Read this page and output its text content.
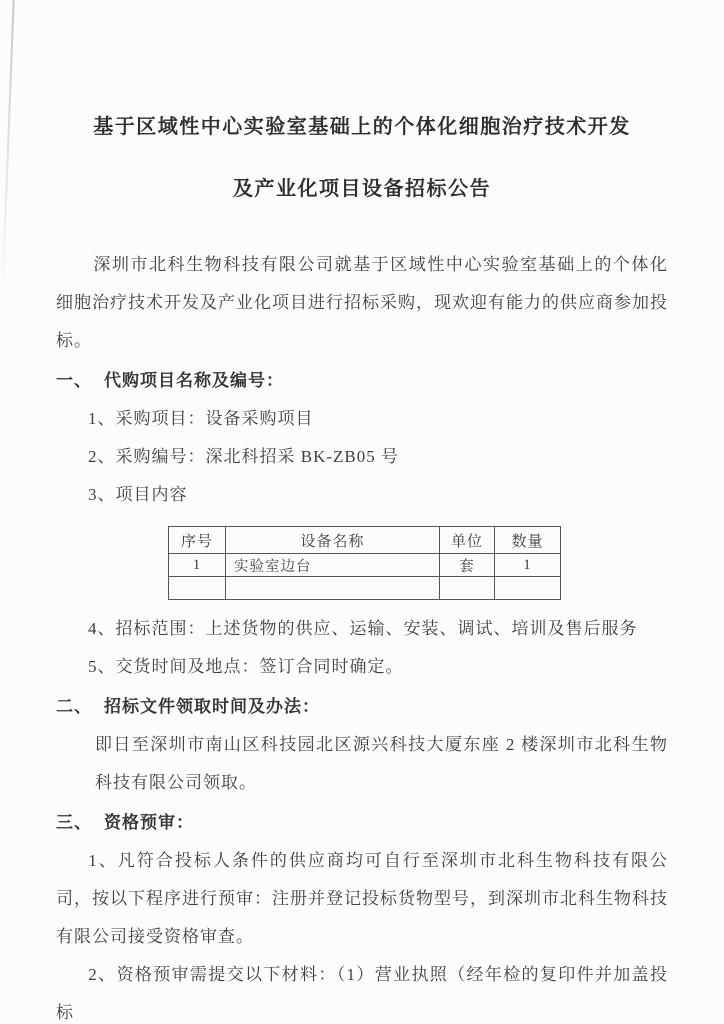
基于区域性中心实验室基础上的个体化细胞治疗技术开发
及产业化项目设备招标公告

深圳市北科生物科技有限公司就基于区域性中心实验室基础上的个体化细胞治疗技术开发及产业化项目进行招标采购，现欢迎有能力的供应商参加投标。

一、 代购项目名称及编号：

1、采购项目：设备采购项目

2、采购编号：深北科招采 BK-ZB05 号

3、项目内容

序号	设备名称	单位	数量
1	实验室边台	套	1

4、招标范围：上述货物的供应、运输、安装、调试、培训及售后服务

5、交货时间及地点：签订合同时确定。

二、 招标文件领取时间及办法：

即日至深圳市南山区科技园北区源兴科技大厦东座 2 楼深圳市北科生物科技有限公司领取。

三、 资格预审：

1、凡符合投标人条件的供应商均可自行至深圳市北科生物科技有限公司，按以下程序进行预审：注册并登记投标货物型号，到深圳市北科生物科技有限公司接受资格审查。

2、资格预审需提交以下材料：（1）营业执照（经年检的复印件并加盖投标
